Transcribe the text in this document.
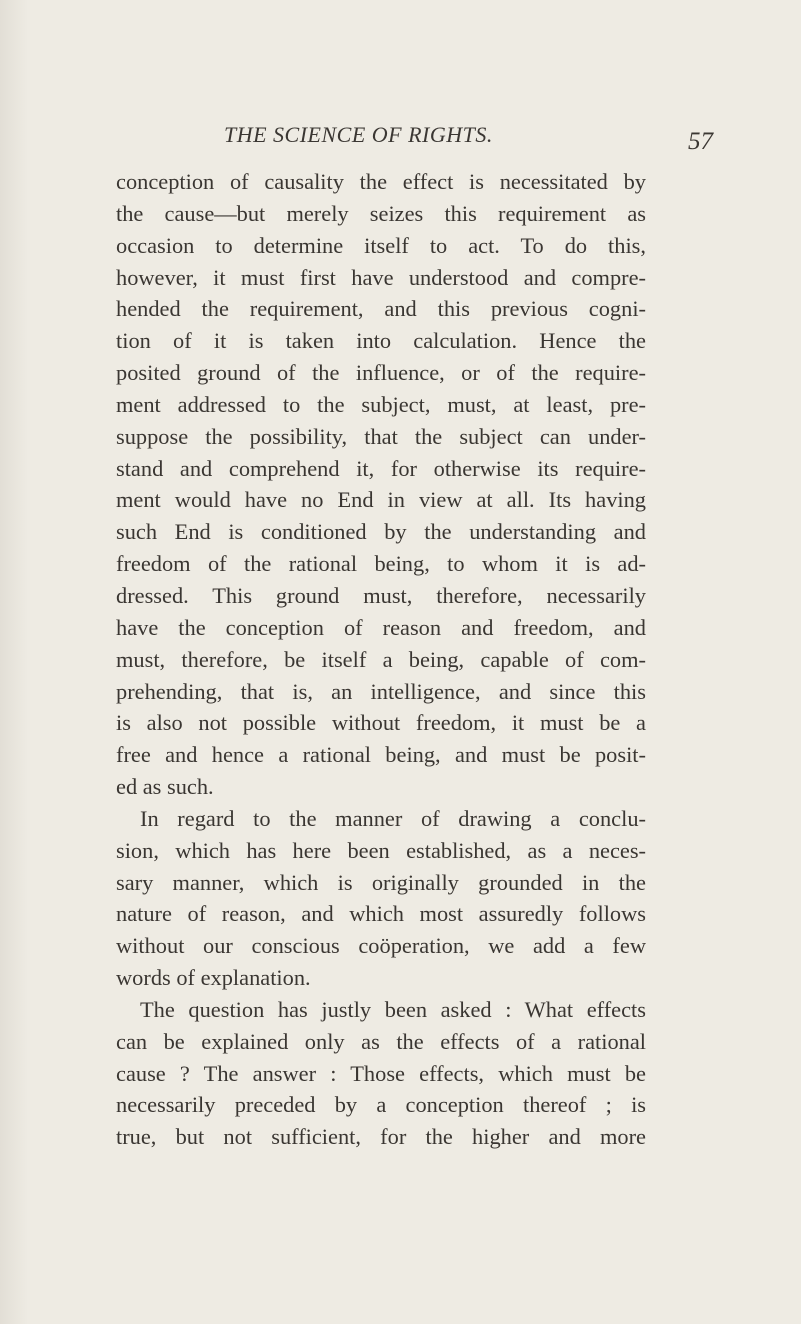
THE SCIENCE OF RIGHTS.	57
conception of causality the effect is necessitated by
the cause—but merely seizes this requirement as
occasion to determine itself to act. To do this,
however, it must first have understood and compre-
hended the requirement, and this previous cogni-
tion of it is taken into calculation. Hence the
posited ground of the influence, or of the require-
ment addressed to the subject, must, at least, pre-
suppose the possibility, that the subject can under-
stand and comprehend it, for otherwise its require-
ment would have no End in view at all. Its having
such End is conditioned by the understanding and
freedom of the rational being, to whom it is ad-
dressed. This ground must, therefore, necessarily
have the conception of reason and freedom, and
must, therefore, be itself a being, capable of com-
prehending, that is, an intelligence, and since this
is also not possible without freedom, it must be a
free and hence a rational being, and must be posit-
ed as such.
In regard to the manner of drawing a conclu-
sion, which has here been established, as a neces-
sary manner, which is originally grounded in the
nature of reason, and which most assuredly follows
without our conscious coöperation, we add a few
words of explanation.
The question has justly been asked : What effects
can be explained only as the effects of a rational
cause ? The answer : Those effects, which must be
necessarily preceded by a conception thereof ; is
true, but not sufficient, for the higher and more
